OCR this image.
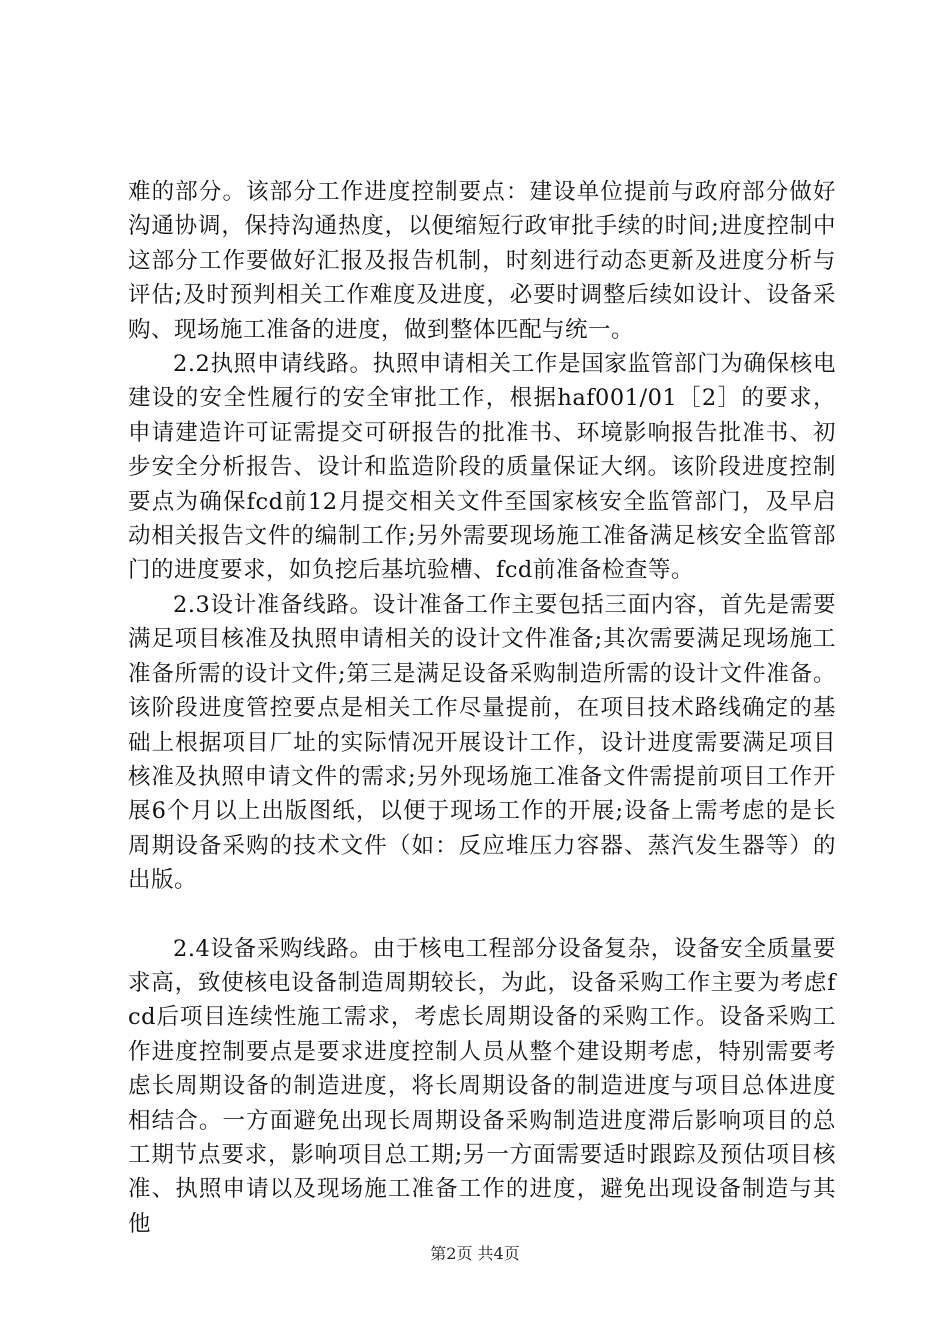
难的部分。该部分工作进度控制要点：建设单位提前与政府部分做好沟通协调，保持沟通热度，以便缩短行政审批手续的时间;进度控制中这部分工作要做好汇报及报告机制，时刻进行动态更新及进度分析与评估;及时预判相关工作难度及进度，必要时调整后续如设计、设备采购、现场施工准备的进度，做到整体匹配与统一。

2.2执照申请线路。执照申请相关工作是国家监管部门为确保核电建设的安全性履行的安全审批工作，根据haf001/01［2］的要求，申请建造许可证需提交可研报告的批准书、环境影响报告批准书、初步安全分析报告、设计和监造阶段的质量保证大纲。该阶段进度控制要点为确保fcd前12月提交相关文件至国家核安全监管部门，及早启动相关报告文件的编制工作;另外需要现场施工准备满足核安全监管部门的进度要求，如负挖后基坑验槽、fcd前准备检查等。

2.3设计准备线路。设计准备工作主要包括三面内容，首先是需要满足项目核准及执照申请相关的设计文件准备;其次需要满足现场施工准备所需的设计文件;第三是满足设备采购制造所需的设计文件准备。该阶段进度管控要点是相关工作尽量提前，在项目技术路线确定的基础上根据项目厂址的实际情况开展设计工作，设计进度需要满足项目核准及执照申请文件的需求;另外现场施工准备文件需提前项目工作开展6个月以上出版图纸，以便于现场工作的开展;设备上需考虑的是长周期设备采购的技术文件（如：反应堆压力容器、蒸汽发生器等）的出版。

2.4设备采购线路。由于核电工程部分设备复杂，设备安全质量要求高，致使核电设备制造周期较长，为此，设备采购工作主要为考虑fcd后项目连续性施工需求，考虑长周期设备的采购工作。设备采购工作进度控制要点是要求进度控制人员从整个建设期考虑，特别需要考虑长周期设备的制造进度，将长周期设备的制造进度与项目总体进度相结合。一方面避免出现长周期设备采购制造进度滞后影响项目的总工期节点要求，影响项目总工期;另一方面需要适时跟踪及预估项目核准、执照申请以及现场施工准备工作的进度，避免出现设备制造与其他

第2页 共4页
